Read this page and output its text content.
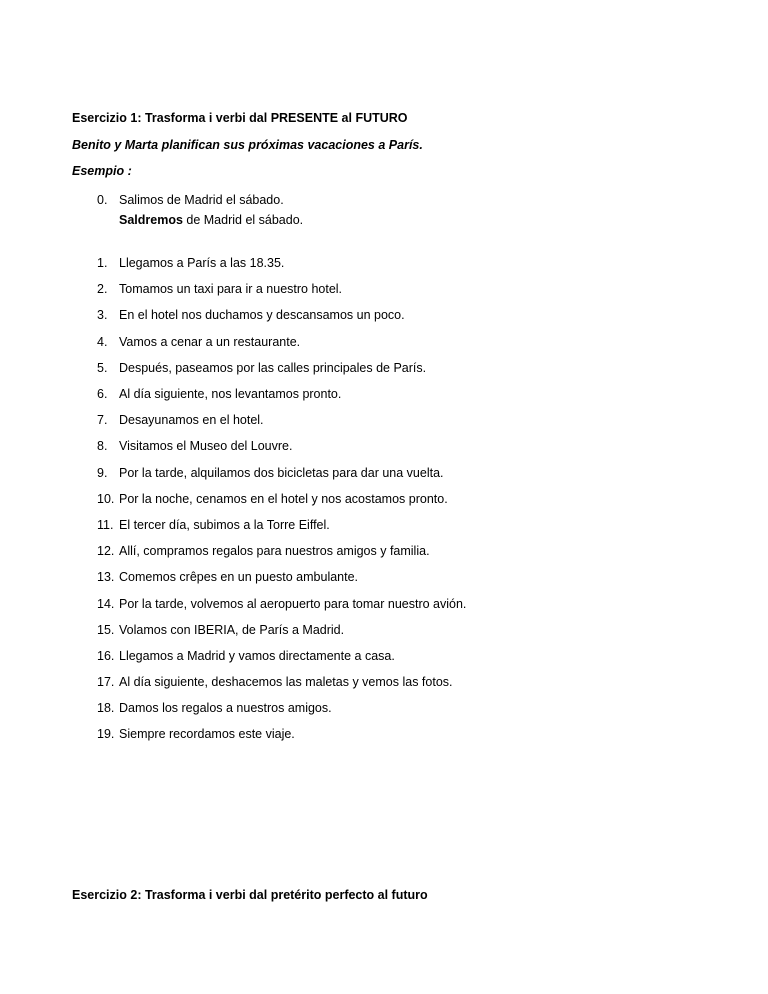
Esercizio 1: Trasforma i verbi dal PRESENTE al FUTURO
Benito y Marta planifican sus próximas vacaciones a París.
Esempio :
0. Salimos de Madrid el sábado.
Saldremos de Madrid el sábado.
1. Llegamos a París a las 18.35.
2. Tomamos un taxi para ir a nuestro hotel.
3. En el hotel nos duchamos y descansamos un poco.
4. Vamos a cenar a un restaurante.
5. Después, paseamos por las calles principales de París.
6. Al día siguiente, nos levantamos pronto.
7. Desayunamos en el hotel.
8. Visitamos el Museo del Louvre.
9. Por la tarde, alquilamos dos bicicletas para dar una vuelta.
10. Por la noche, cenamos en el hotel y nos acostamos pronto.
11. El tercer día, subimos a la Torre Eiffel.
12. Allí, compramos regalos para nuestros amigos y familia.
13. Comemos crêpes en un puesto ambulante.
14. Por la tarde, volvemos al aeropuerto para tomar nuestro avión.
15. Volamos con IBERIA, de París a Madrid.
16. Llegamos a Madrid y vamos directamente a casa.
17. Al día siguiente, deshacemos las maletas y vemos las fotos.
18. Damos los regalos a nuestros amigos.
19. Siempre recordamos este viaje.
Esercizio 2: Trasforma i verbi dal pretérito perfecto al futuro
